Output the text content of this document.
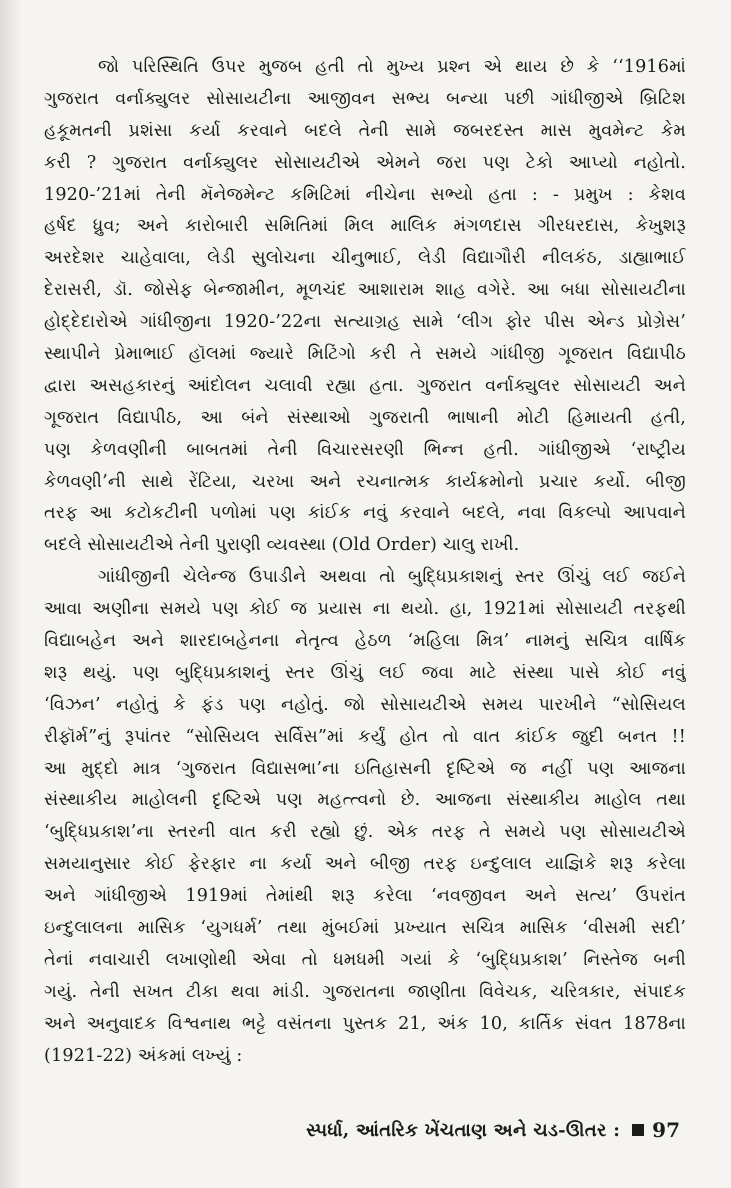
જો પરિસ્થિતિ ઉપર મુજબ હતી તો મુખ્ય પ્રશ્ન એ થાય છે કે ‘‘1916માં
ગુજરાત વર્નાક્યુલર સોસાયટીના આજીવન સભ્ય બન્યા પછી ગાંધીજીએ બ્રિટિશ
હકૂમતની પ્રશંસા કર્યા કરવાને બદલે તેની સામે જબરદસ્ત માસ મુવમેન્ટ કેમ
કરી ? ગુજરાત વર્નાક્યુલર સોસાયટીએ એમને જરા પણ ટેકો આપ્યો નહોતો.
1920-’21માં તેની મૅનેજમેન્ટ કમિટિમાં નીચેના સભ્યો હતા : - પ્રમુખ : કેશવ
હર્ષદ ધ્રુવ; અને કારોબારી સમિતિમાં મિલ માલિક મંગળદાસ ગીરધરદાસ, કેખુશરૂ
અરદેશર ચાહેવાલા, લેડી સુલોચના ચીનુભાઈ, લેડી વિદ્યાગૌરી નીલકંઠ, ડાહ્યાભાઈ
દેરાસરી, ડૉ. જોસેફ બેન્જામીન, મૂળચંદ આશારામ શાહ વગેરે. આ બધા સોસાયટીના
હોદ્દેદારોએ ગાંધીજીના 1920-’22ના સત્યાગ્રહ સામે ‘લીગ ફોર પીસ એન્ડ પ્રોગ્રેસ’
સ્થાપીને પ્રેમાભાઈ હૉલમાં જ્યારે મિટિંગો કરી તે સમયે ગાંધીજી ગૂજરાત વિદ્યાપીઠ
દ્વારા અસહકારનું આંદોલન ચલાવી રહ્યા હતા. ગુજરાત વર્નાક્યુલર સોસાયટી અને
ગૂજરાત વિદ્યાપીઠ, આ બંને સંસ્થાઓ ગુજરાતી ભાષાની મોટી હિમાયતી હતી,
પણ કેળવણીની બાબતમાં તેની વિચારસરણી ભિન્ન હતી. ગાંધીજીએ ‘રાષ્ટ્રીય
કેળવણી’ની સાથે રેંટિયા, ચરખા અને રચનાત્મક કાર્યક્રમોનો પ્રચાર કર્યો. બીજી
તરફ આ કટોકટીની પળોમાં પણ કાંઈક નવું કરવાને બદલે, નવા વિકલ્પો આપવાને
બદલે સોસાયટીએ તેની પુરાણી વ્યવસ્થા (Old Order) ચાલુ રાખી.
ગાંધીજીની ચેલેન્જ ઉપાડીને અથવા તો બુદ્ધિપ્રકાશનું સ્તર ઊંચું લઈ જઈને
આવા અણીના સમયે પણ કોઈ જ પ્રયાસ ના થયો. હા, 1921માં સોસાયટી તરફથી
વિદ્યાબહેન અને શારદાબહેનના નેતૃત્વ હેઠળ ‘મહિલા મિત્ર’ નામનું સચિત્ર વાર્ષિક
શરૂ થયું. પણ બુદ્ધિપ્રકાશનું સ્તર ઊંચું લઈ જવા માટે સંસ્થા પાસે કોઈ નવું
‘વિઝન’ નહોતું કે ફંડ પણ નહોતું. જો સોસાયટીએ સમય પારખીને “સોસિયલ
રીફૉર્મ”નું રૂપાંતર “સોસિયલ સર્વિસ”માં કર્યું હોત તો વાત કાંઈક જુદી બનત !!
આ મુદ્દો માત્ર ‘ગુજરાત વિદ્યાસભા’ના ઇતિહાસની દૃષ્ટિએ જ નહીં પણ આજના
સંસ્થાકીય માહોલની દૃષ્ટિએ પણ મહત્ત્વનો છે. આજના સંસ્થાકીય માહોલ તથા
‘બુદ્ધિપ્રકાશ’ના સ્તરની વાત કરી રહ્યો છું. એક તરફ તે સમયે પણ સોસાયટીએ
સમયાનુસાર કોઈ ફેરફાર ના કર્યા અને બીજી તરફ ઇન્દુલાલ યાજ્ઞિકે શરૂ કરેલા
અને ગાંધીજીએ 1919માં તેમાંથી શરૂ કરેલા ‘નવજીવન અને સત્ય’ ઉપરાંત
ઇન્દુલાલના માસિક ‘યુગધર્મ’ તથા મુંબઈમાં પ્રખ્યાત સચિત્ર માસિક ‘વીસમી સદી’
તેનાં નવાચારી લખાણોથી એવા તો ધમધમી ગયાં કે ‘બુદ્ધિપ્રકાશ’ નિસ્તેજ બની
ગયું. તેની સખત ટીકા થવા માંડી. ગુજરાતના જાણીતા વિવેચક, ચરિત્રકાર, સંપાદક
અને અનુવાદક વિશ્વનાથ ભટ્ટે વસંતના પુસ્તક 21, અંક 10, કાર્તિક સંવત 1878ના
(1921-22) અંકમાં લખ્યું :
સ્પર્ધા, આંતરિક ખેંચતાણ અને ચડ-ઊતર : 97
